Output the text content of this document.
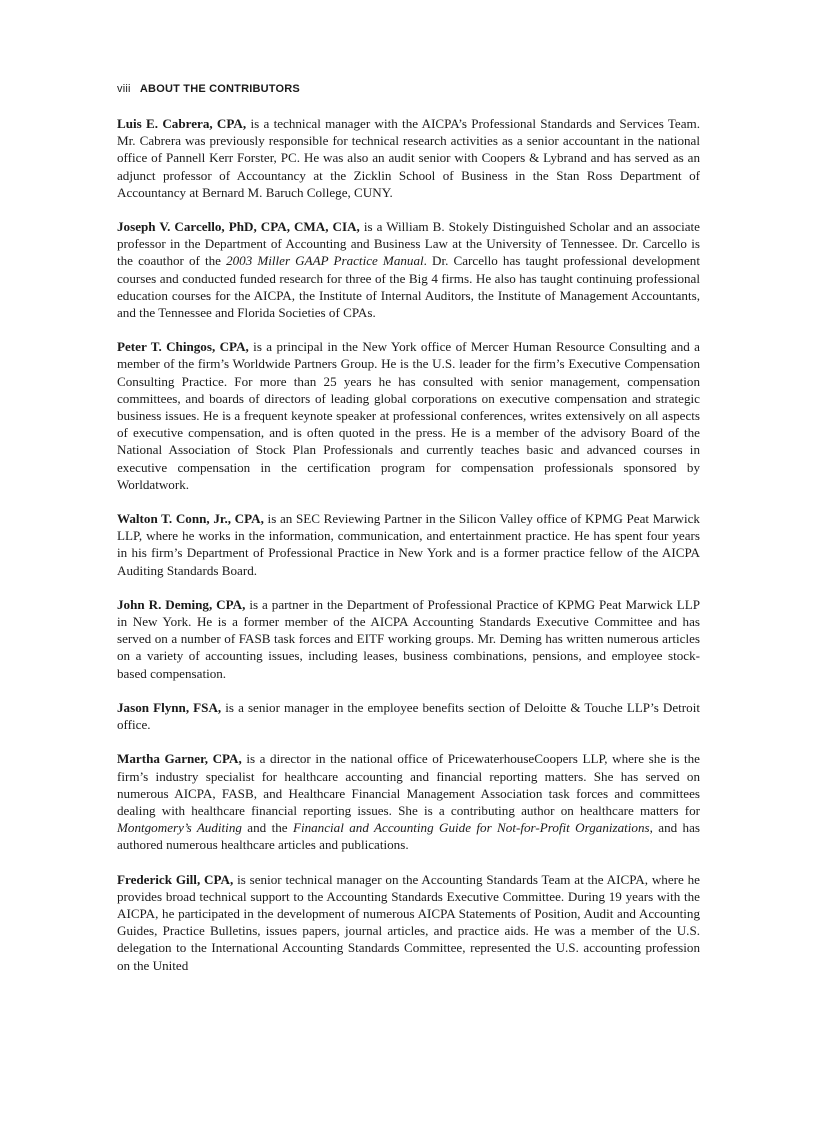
viii ABOUT THE CONTRIBUTORS

Luis E. Cabrera, CPA, is a technical manager with the AICPA’s Professional Standards and Services Team. Mr. Cabrera was previously responsible for technical research activities as a senior accountant in the national office of Pannell Kerr Forster, PC. He was also an audit senior with Coopers & Lybrand and has served as an adjunct professor of Accountancy at the Zicklin School of Business in the Stan Ross Department of Accountancy at Bernard M. Baruch College, CUNY.

Joseph V. Carcello, PhD, CPA, CMA, CIA, is a William B. Stokely Distinguished Scholar and an associate professor in the Department of Accounting and Business Law at the University of Tennessee. Dr. Carcello is the coauthor of the 2003 Miller GAAP Practice Manual. Dr. Carcello has taught professional development courses and conducted funded research for three of the Big 4 firms. He also has taught continuing professional education courses for the AICPA, the Institute of Internal Auditors, the Institute of Management Accountants, and the Tennessee and Florida Societies of CPAs.

Peter T. Chingos, CPA, is a principal in the New York office of Mercer Human Resource Consulting and a member of the firm’s Worldwide Partners Group. He is the U.S. leader for the firm’s Executive Compensation Consulting Practice. For more than 25 years he has consulted with senior management, compensation committees, and boards of directors of leading global corporations on executive compensation and strategic business issues. He is a frequent keynote speaker at professional conferences, writes extensively on all aspects of executive compensation, and is often quoted in the press. He is a member of the advisory Board of the National Association of Stock Plan Professionals and currently teaches basic and advanced courses in executive compensation in the certification program for compensation professionals sponsored by Worldatwork.

Walton T. Conn, Jr., CPA, is an SEC Reviewing Partner in the Silicon Valley office of KPMG Peat Marwick LLP, where he works in the information, communication, and entertainment practice. He has spent four years in his firm’s Department of Professional Practice in New York and is a former practice fellow of the AICPA Auditing Standards Board.

John R. Deming, CPA, is a partner in the Department of Professional Practice of KPMG Peat Marwick LLP in New York. He is a former member of the AICPA Accounting Standards Executive Committee and has served on a number of FASB task forces and EITF working groups. Mr. Deming has written numerous articles on a variety of accounting issues, including leases, business combinations, pensions, and employee stock-based compensation.

Jason Flynn, FSA, is a senior manager in the employee benefits section of Deloitte & Touche LLP’s Detroit office.

Martha Garner, CPA, is a director in the national office of PricewaterhouseCoopers LLP, where she is the firm’s industry specialist for healthcare accounting and financial reporting matters. She has served on numerous AICPA, FASB, and Healthcare Financial Management Association task forces and committees dealing with healthcare financial reporting issues. She is a contributing author on healthcare matters for Montgomery’s Auditing and the Financial and Accounting Guide for Not-for-Profit Organizations, and has authored numerous healthcare articles and publications.

Frederick Gill, CPA, is senior technical manager on the Accounting Standards Team at the AICPA, where he provides broad technical support to the Accounting Standards Executive Committee. During 19 years with the AICPA, he participated in the development of numerous AICPA Statements of Position, Audit and Accounting Guides, Practice Bulletins, issues papers, journal articles, and practice aids. He was a member of the U.S. delegation to the International Accounting Standards Committee, represented the U.S. accounting profession on the United
